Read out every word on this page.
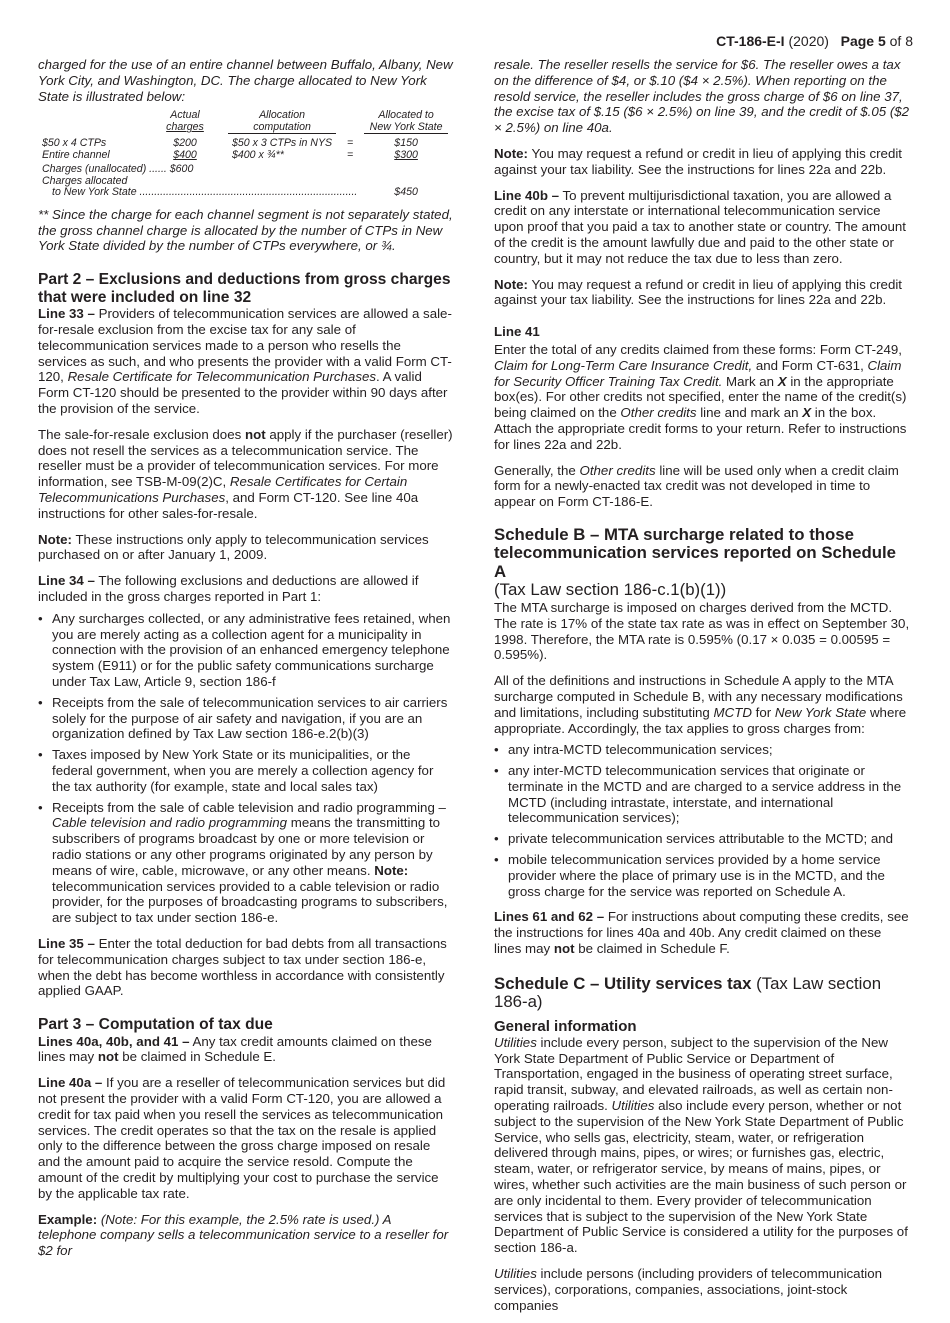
CT-186-E-I (2020) Page 5 of 8

charged for the use of an entire channel between Buffalo, Albany, New York City, and Washington, DC. The charge allocated to New York State is illustrated below:

	Actual		Allocation		Allocated to
	charges		computation		New York State

$50 x 4 CTPs	$200		$50 x 3 CTPs in NYS	=	$150
Entire channel	$400		$400 x ¾**	=	$300
Charges (unallocated) ...... $600					
Charges allocated					
to New York State ..........................................................................					$450

** Since the charge for each channel segment is not separately stated, the gross channel charge is allocated by the number of CTPs in New York State divided by the number of CTPs everywhere, or ¾.

Part 2 – Exclusions and deductions from gross charges that were included on line 32

Line 33 – Providers of telecommunication services are allowed a sale-for-resale exclusion from the excise tax for any sale of telecommunication services made to a person who resells the services as such, and who presents the provider with a valid Form CT-120, Resale Certificate for Telecommunication Purchases. A valid Form CT-120 should be presented to the provider within 90 days after the provision of the service.

The sale-for-resale exclusion does not apply if the purchaser (reseller) does not resell the services as a telecommunication service. The reseller must be a provider of telecommunication services. For more information, see TSB-M-09(2)C, Resale Certificates for Certain Telecommunications Purchases, and Form CT-120. See line 40a instructions for other sales-for-resale.

Note: These instructions only apply to telecommunication services purchased on or after January 1, 2009.

Line 34 – The following exclusions and deductions are allowed if included in the gross charges reported in Part 1:

• Any surcharges collected, or any administrative fees retained, when you are merely acting as a collection agent for a municipality in connection with the provision of an enhanced emergency telephone system (E911) or for the public safety communications surcharge under Tax Law, Article 9, section 186-f
• Receipts from the sale of telecommunication services to air carriers solely for the purpose of air safety and navigation, if you are an organization defined by Tax Law section 186-e.2(b)(3)
• Taxes imposed by New York State or its municipalities, or the federal government, when you are merely a collection agency for the tax authority (for example, state and local sales tax)
• Receipts from the sale of cable television and radio programming – Cable television and radio programming means the transmitting to subscribers of programs broadcast by one or more television or radio stations or any other programs originated by any person by means of wire, cable, microwave, or any other means. Note: telecommunication services provided to a cable television or radio provider, for the purposes of broadcasting programs to subscribers, are subject to tax under section 186-e.

Line 35 – Enter the total deduction for bad debts from all transactions for telecommunication charges subject to tax under section 186-e, when the debt has become worthless in accordance with consistently applied GAAP.

Part 3 – Computation of tax due

Lines 40a, 40b, and 41 – Any tax credit amounts claimed on these lines may not be claimed in Schedule E.

Line 40a – If you are a reseller of telecommunication services but did not present the provider with a valid Form CT-120, you are allowed a credit for tax paid when you resell the services as telecommunication services. The credit operates so that the tax on the resale is applied only to the difference between the gross charge imposed on resale and the amount paid to acquire the service resold. Compute the amount of the credit by multiplying your cost to purchase the service by the applicable tax rate.

Example: (Note: For this example, the 2.5% rate is used.) A telephone company sells a telecommunication service to a reseller for $2 for

resale. The reseller resells the service for $6. The reseller owes a tax on the difference of $4, or $.10 ($4 × 2.5%). When reporting on the resold service, the reseller includes the gross charge of $6 on line 37, the excise tax of $.15 ($6 × 2.5%) on line 39, and the credit of $.05 ($2 × 2.5%) on line 40a.

Note: You may request a refund or credit in lieu of applying this credit against your tax liability. See the instructions for lines 22a and 22b.

Line 40b – To prevent multijurisdictional taxation, you are allowed a credit on any interstate or international telecommunication service upon proof that you paid a tax to another state or country. The amount of the credit is the amount lawfully due and paid to the other state or country, but it may not reduce the tax due to less than zero.

Note: You may request a refund or credit in lieu of applying this credit against your tax liability. See the instructions for lines 22a and 22b.

Line 41

Enter the total of any credits claimed from these forms: Form CT-249, Claim for Long-Term Care Insurance Credit, and Form CT-631, Claim for Security Officer Training Tax Credit. Mark an X in the appropriate box(es). For other credits not specified, enter the name of the credit(s) being claimed on the Other credits line and mark an X in the box. Attach the appropriate credit forms to your return. Refer to instructions for lines 22a and 22b.

Generally, the Other credits line will be used only when a credit claim form for a newly-enacted tax credit was not developed in time to appear on Form CT-186-E.

Schedule B – MTA surcharge related to those telecommunication services reported on Schedule A
(Tax Law section 186-c.1(b)(1))

The MTA surcharge is imposed on charges derived from the MCTD. The rate is 17% of the state tax rate as was in effect on September 30, 1998. Therefore, the MTA rate is 0.595% (0.17 × 0.035 = 0.00595 = 0.595%).

All of the definitions and instructions in Schedule A apply to the MTA surcharge computed in Schedule B, with any necessary modifications and limitations, including substituting MCTD for New York State where appropriate. Accordingly, the tax applies to gross charges from:

• any intra-MCTD telecommunication services;
• any inter-MCTD telecommunication services that originate or terminate in the MCTD and are charged to a service address in the MCTD (including intrastate, interstate, and international telecommunication services);
• private telecommunication services attributable to the MCTD; and
• mobile telecommunication services provided by a home service provider where the place of primary use is in the MCTD, and the gross charge for the service was reported on Schedule A.

Lines 61 and 62 – For instructions about computing these credits, see the instructions for lines 40a and 40b. Any credit claimed on these lines may not be claimed in Schedule F.

Schedule C – Utility services tax (Tax Law section 186-a)
General information

Utilities include every person, subject to the supervision of the New York State Department of Public Service or Department of Transportation, engaged in the business of operating street surface, rapid transit, subway, and elevated railroads, as well as certain non-operating railroads. Utilities also include every person, whether or not subject to the supervision of the New York State Department of Public Service, who sells gas, electricity, steam, water, or refrigeration delivered through mains, pipes, or wires; or furnishes gas, electric, steam, water, or refrigerator service, by means of mains, pipes, or wires, whether such activities are the main business of such person or are only incidental to them. Every provider of telecommunication services that is subject to the supervision of the New York State Department of Public Service is considered a utility for the purposes of section 186-a.

Utilities include persons (including providers of telecommunication services), corporations, companies, associations, joint-stock companies
